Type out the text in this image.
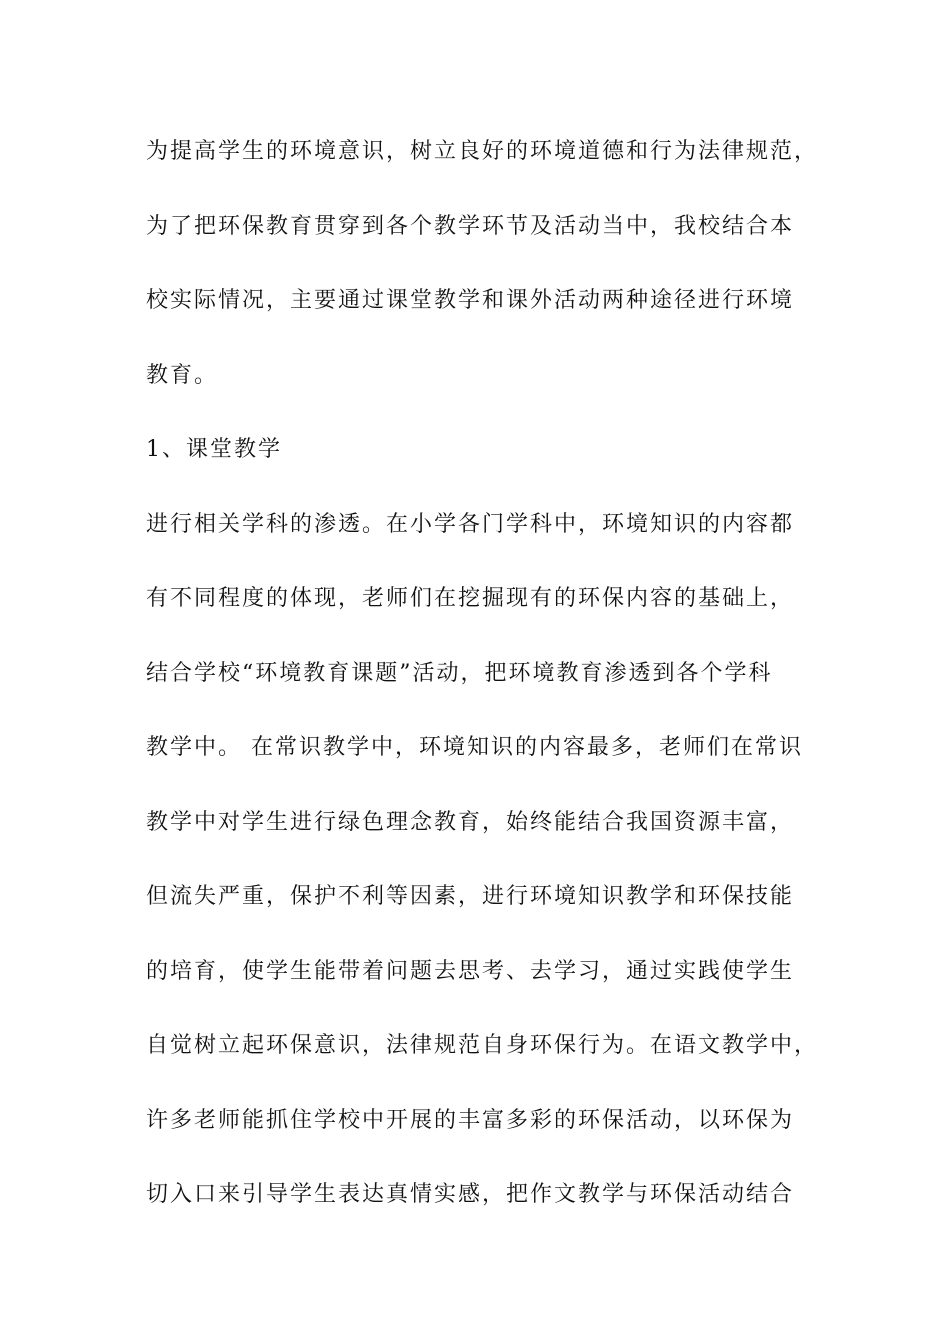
为提高学生的环境意识，树立良好的环境道德和行为法律规范，
为了把环保教育贯穿到各个教学环节及活动当中，我校结合本
校实际情况，主要通过课堂教学和课外活动两种途径进行环境
教育。
1、课堂教学
进行相关学科的渗透。在小学各门学科中，环境知识的内容都
有不同程度的体现，老师们在挖掘现有的环保内容的基础上，
结合学校“环境教育课题”活动，把环境教育渗透到各个学科
教学中。 在常识教学中，环境知识的内容最多，老师们在常识
教学中对学生进行绿色理念教育，始终能结合我国资源丰富，
但流失严重，保护不利等因素，进行环境知识教学和环保技能
的培育，使学生能带着问题去思考、去学习，通过实践使学生
自觉树立起环保意识，法律规范自身环保行为。在语文教学中，
许多老师能抓住学校中开展的丰富多彩的环保活动，以环保为
切入口来引导学生表达真情实感，把作文教学与环保活动结合
